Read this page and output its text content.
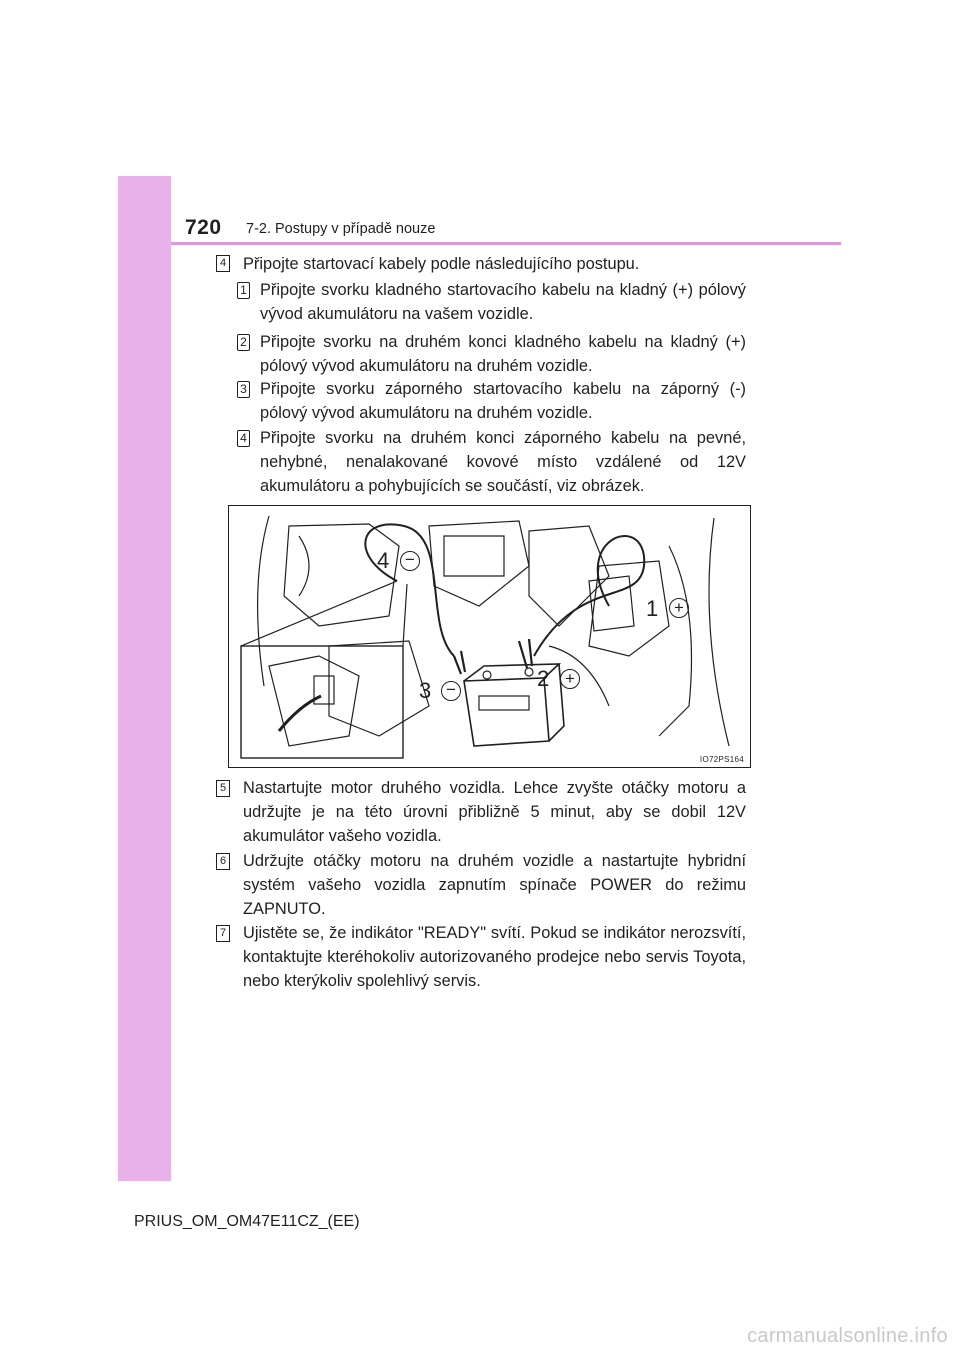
720 7-2. Postupy v případě nouze
4 Připojte startovací kabely podle následujícího postupu.
1 Připojte svorku kladného startovacího kabelu na kladný (+) pólový vývod akumulátoru na vašem vozidle.
2 Připojte svorku na druhém konci kladného kabelu na kladný (+) pólový vývod akumulátoru na druhém vozidle.
3 Připojte svorku záporného startovacího kabelu na záporný (-) pólový vývod akumulátoru na druhém vozidle.
4 Připojte svorku na druhém konci záporného kabelu na pevné, nehybné, nenalakované kovové místo vzdálené od 12V akumulátoru a pohybujících se součástí, viz obrázek.
1 +
2 +
3 −
4 −
IO72PS164
5 Nastartujte motor druhého vozidla. Lehce zvyšte otáčky motoru a udržujte je na této úrovni přibližně 5 minut, aby se dobil 12V akumulátor vašeho vozidla.
6 Udržujte otáčky motoru na druhém vozidle a nastartujte hybridní systém vašeho vozidla zapnutím spínače POWER do režimu ZAPNUTO.
7 Ujistěte se, že indikátor "READY" svítí. Pokud se indikátor nerozsvítí, kontaktujte kteréhokoliv autorizovaného prodejce nebo servis Toyota, nebo kterýkoliv spolehlivý servis.
PRIUS_OM_OM47E11CZ_(EE)
carmanualsonline.info
